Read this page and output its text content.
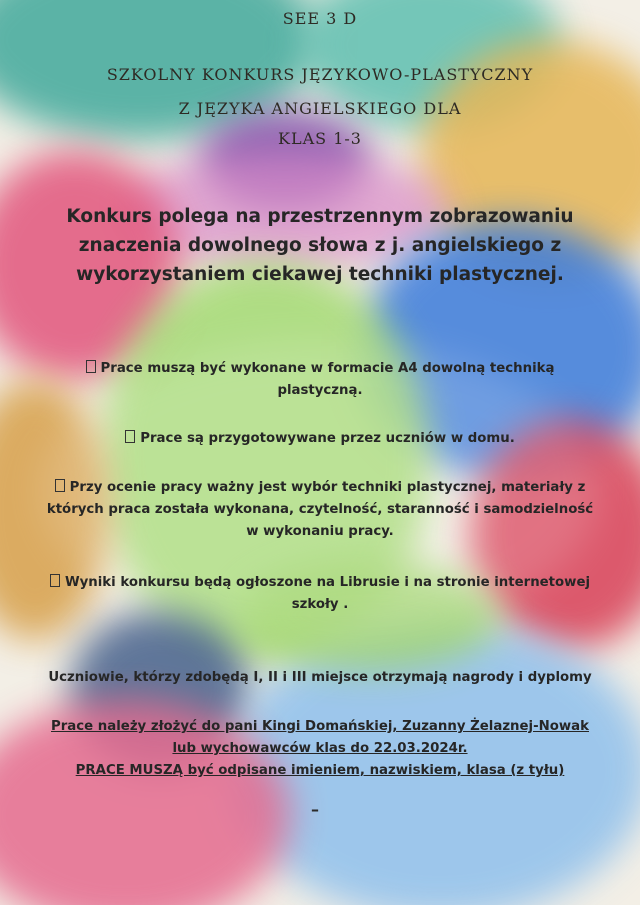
SEE 3 D
SZKOLNY KONKURS JĘZYKOWO-PLASTYCZNY
Z JĘZYKA ANGIELSKIEGO DLA
KLAS 1-3
Konkurs polega na przestrzennym zobrazowaniu
znaczenia dowolnego słowa z j. angielskiego z
wykorzystaniem ciekawej techniki plastycznej.
Prace muszą być wykonane w formacie A4 dowolną techniką
plastyczną.
Prace są przygotowywane przez uczniów w domu.
Przy ocenie pracy ważny jest wybór techniki plastycznej, materiały z
których praca została wykonana, czytelność, staranność i samodzielność
w wykonaniu pracy.
Wyniki konkursu będą ogłoszone na Librusie i na stronie internetowej
szkoły .
Uczniowie, którzy zdobędą I, II i III miejsce otrzymają nagrody i dyplomy
Prace należy złożyć do pani Kingi Domańskiej, Zuzanny Żelaznej-Nowak
lub wychowawców klas do 22.03.2024r.
PRACE MUSZĄ być odpisane imieniem, nazwiskiem, klasa (z tyłu)
–
